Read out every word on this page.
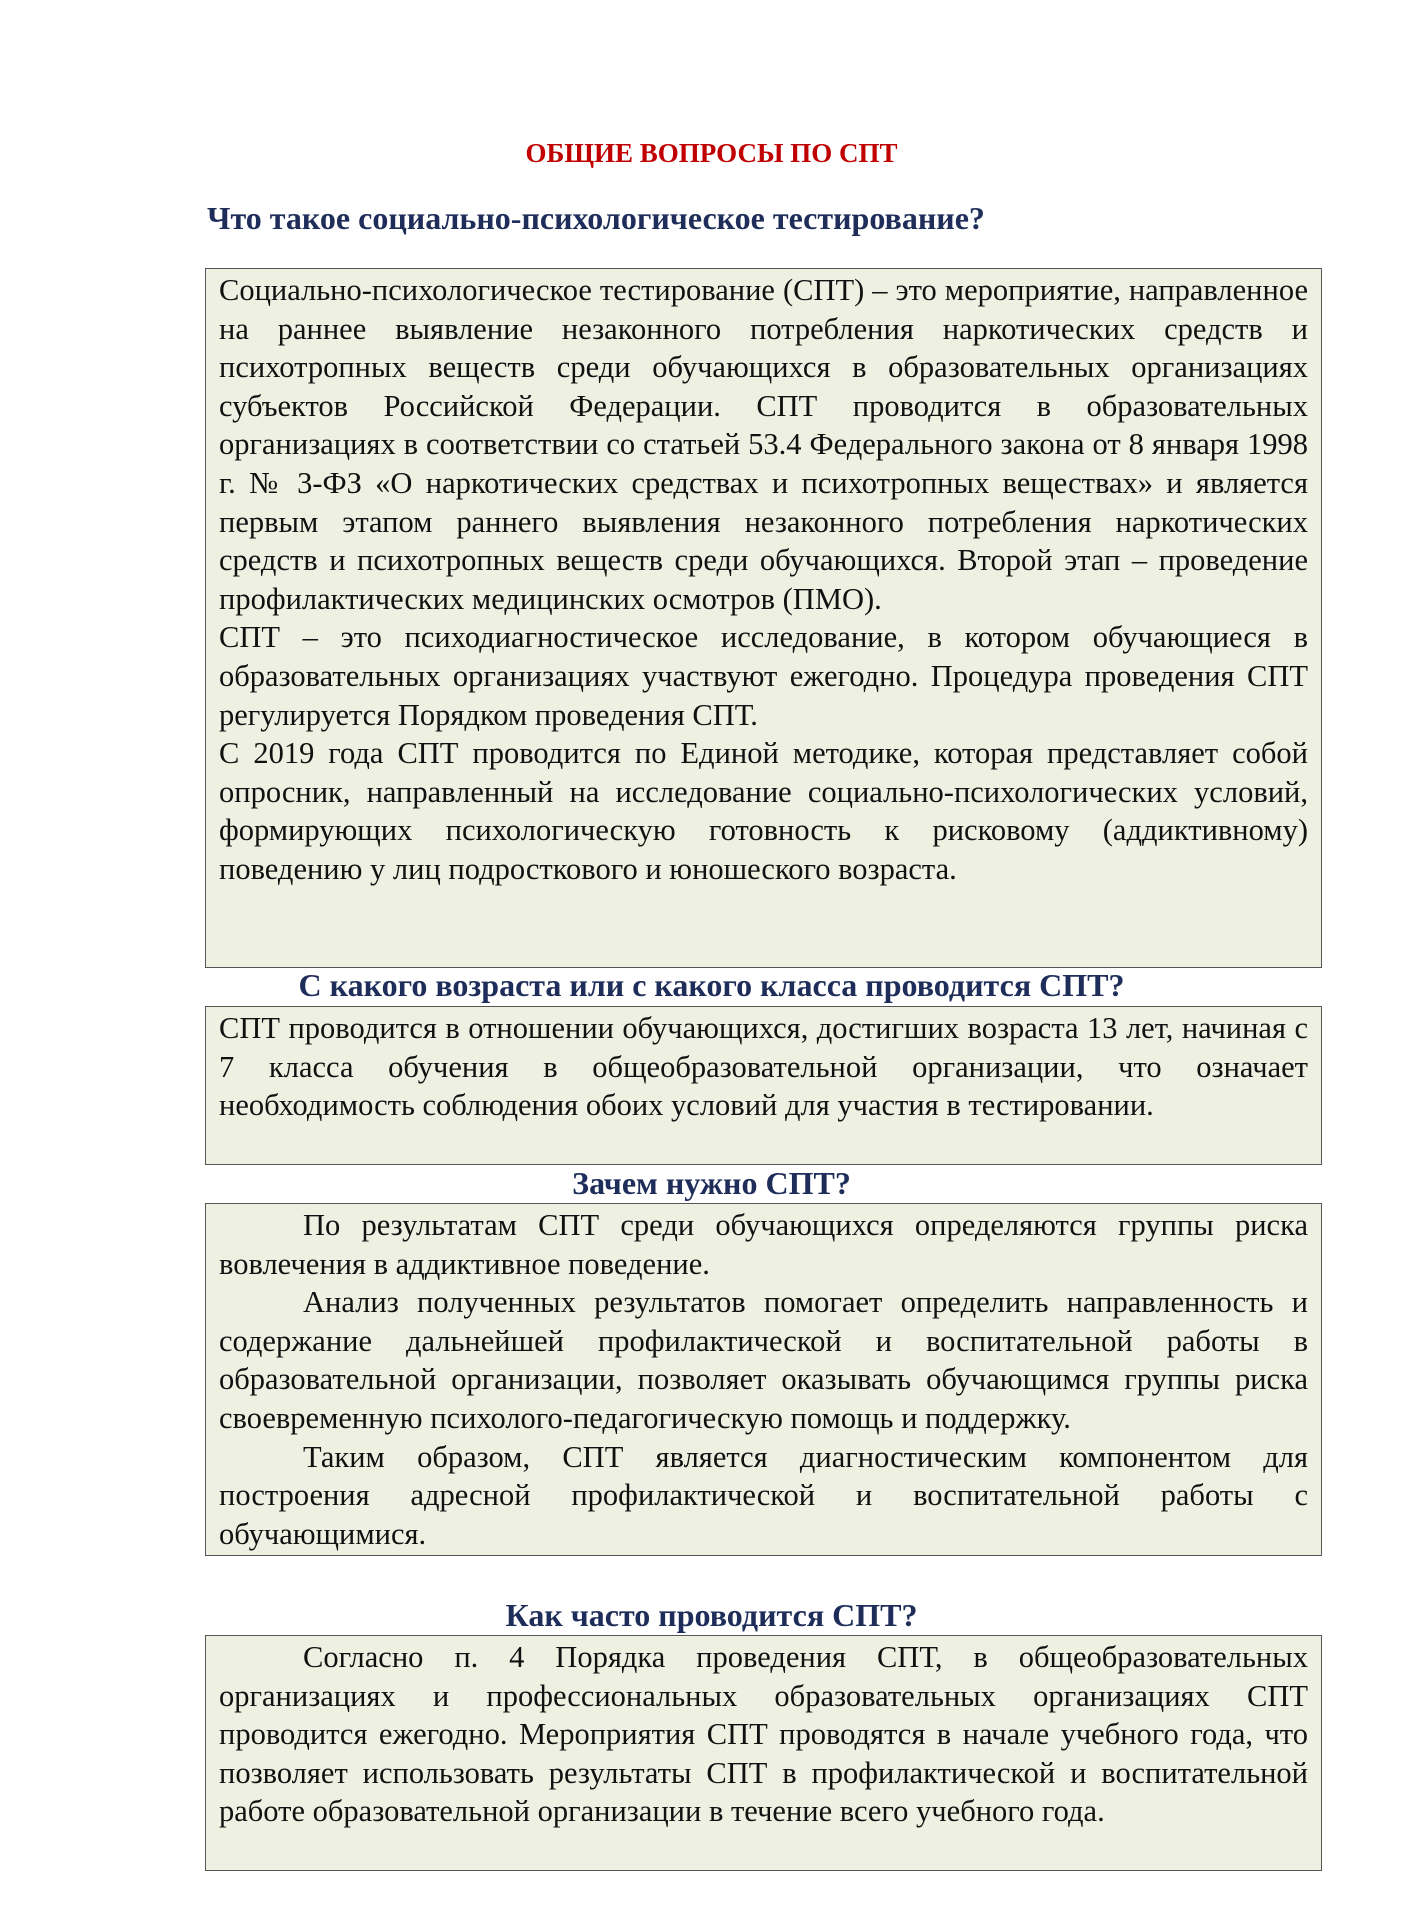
ОБЩИЕ ВОПРОСЫ ПО СПТ
Что такое социально-психологическое тестирование?

Социально-психологическое тестирование (СПТ) – это мероприятие, направленное на раннее выявление незаконного потребления наркотических средств и психотропных веществ среди обучающихся в образовательных организациях субъектов Российской Федерации. СПТ проводится в образовательных организациях в соответствии со статьей 53.4 Федерального закона от 8 января 1998 г. № 3-ФЗ «О наркотических средствах и психотропных веществах» и является первым этапом раннего выявления незаконного потребления наркотических средств и психотропных веществ среди обучающихся. Второй этап – проведение профилактических медицинских осмотров (ПМО).

СПТ – это психодиагностическое исследование, в котором обучающиеся в образовательных организациях участвуют ежегодно. Процедура проведения СПТ регулируется Порядком проведения СПТ.

С 2019 года СПТ проводится по Единой методике, которая представляет собой опросник, направленный на исследование социально-психологических условий, формирующих психологическую готовность к рисковому (аддиктивному) поведению у лиц подросткового и юношеского возраста.

С какого возраста или с какого класса проводится СПТ?

СПТ проводится в отношении обучающихся, достигших возраста 13 лет, начиная с 7 класса обучения в общеобразовательной организации, что означает необходимость соблюдения обоих условий для участия в тестировании.

Зачем нужно СПТ?

По результатам СПТ среди обучающихся определяются группы риска вовлечения в аддиктивное поведение.

Анализ полученных результатов помогает определить направленность и содержание дальнейшей профилактической и воспитательной работы в образовательной организации, позволяет оказывать обучающимся группы риска своевременную психолого-педагогическую помощь и поддержку.

Таким образом, СПТ является диагностическим компонентом для построения адресной профилактической и воспитательной работы с обучающимися.

Как часто проводится СПТ?

Согласно п. 4 Порядка проведения СПТ, в общеобразовательных организациях и профессиональных образовательных организациях СПТ проводится ежегодно. Мероприятия СПТ проводятся в начале учебного года, что позволяет использовать результаты СПТ в профилактической и воспитательной работе образовательной организации в течение всего учебного года.
